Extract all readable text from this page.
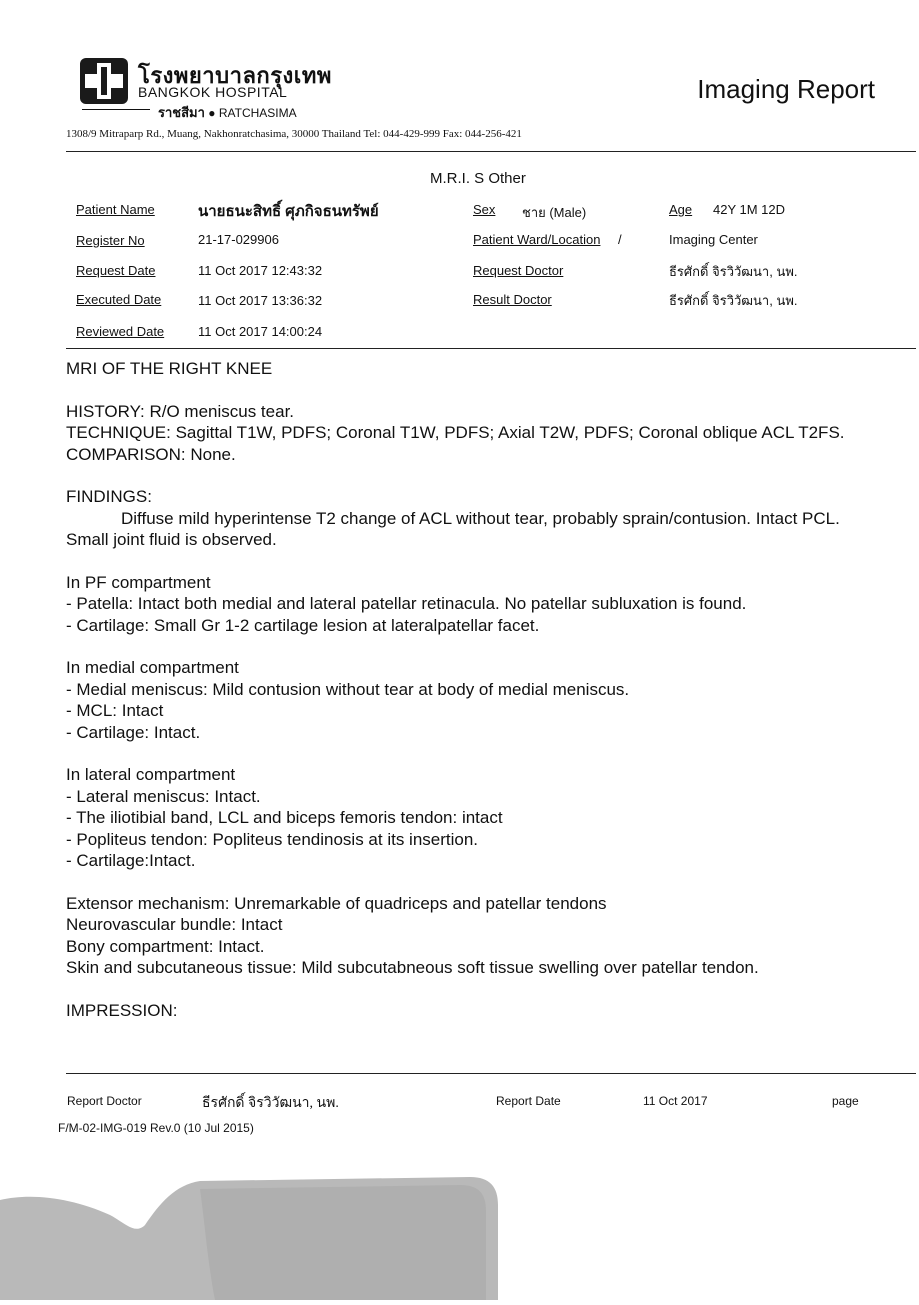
โรงพยาบาลกรุงเทพ
BANGKOK HOSPITAL
ราชสีมา ● RATCHASIMA
Imaging Report
1308/9 Mitraparp Rd., Muang, Nakhonratchasima, 30000 Thailand Tel: 044-429-999 Fax: 044-256-421
M.R.I. S Other
Patient Name	นายธนะสิทธิ์ ศุภกิจธนทรัพย์	Sex ชาย (Male)	Age 42Y 1M 12D
Register No	21-17-029906	Patient Ward/Location /	Imaging Center
Request Date	11 Oct 2017 12:43:32	Request Doctor	ธีรศักดิ์ จิรวิวัฒนา, นพ.
Executed Date	11 Oct 2017 13:36:32	Result Doctor	ธีรศักดิ์ จิรวิวัฒนา, นพ.
Reviewed Date	11 Oct 2017 14:00:24

MRI OF THE RIGHT KNEE

HISTORY: R/O meniscus tear.

TECHNIQUE: Sagittal T1W, PDFS; Coronal T1W, PDFS; Axial T2W, PDFS; Coronal oblique ACL T2FS.

COMPARISON: None.

FINDINGS:

Diffuse mild hyperintense T2 change of ACL without tear, probably sprain/contusion. Intact PCL.

Small joint fluid is observed.

In PF compartment

- Patella: Intact both medial and lateral patellar retinacula. No patellar subluxation is found.

- Cartilage: Small Gr 1-2 cartilage lesion at lateralpatellar facet.

In medial compartment

- Medial meniscus: Mild contusion without tear at body of medial meniscus.

- MCL: Intact

- Cartilage: Intact.

In lateral compartment

- Lateral meniscus: Intact.

- The iliotibial band, LCL and biceps femoris tendon: intact

- Popliteus tendon: Popliteus tendinosis at its insertion.

- Cartilage:Intact.

Extensor mechanism: Unremarkable of quadriceps and patellar tendons

Neurovascular bundle: Intact

Bony compartment: Intact.

Skin and subcutaneous tissue: Mild subcutabneous soft tissue swelling over patellar tendon.

IMPRESSION:

Report Doctor	ธีรศักดิ์ จิรวิวัฒนา, นพ.	Report Date	11 Oct 2017	page
F/M-02-IMG-019 Rev.0 (10 Jul 2015)
